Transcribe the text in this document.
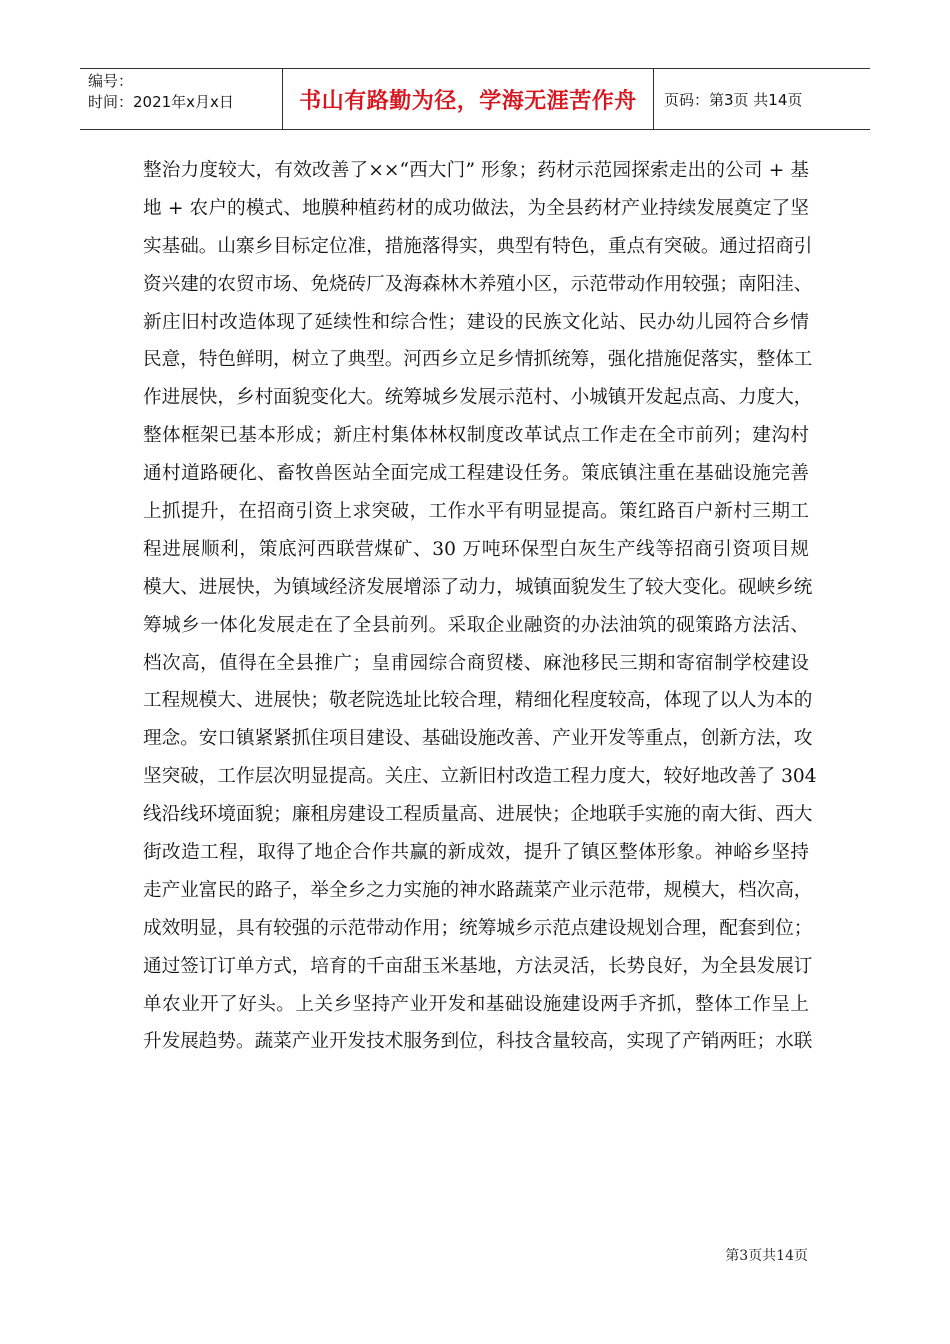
编号：
时间：2021年x月x日	书山有路勤为径，学海无涯苦作舟	页码：第3页 共14页
整治力度较大，有效改善了××“西大门” 形象；药材示范园探索走出的公司 + 基
地 + 农户的模式、地膜种植药材的成功做法，为全县药材产业持续发展奠定了坚
实基础。山寨乡目标定位准，措施落得实，典型有特色，重点有突破。通过招商引
资兴建的农贸市场、免烧砖厂及海森林木养殖小区，示范带动作用较强；南阳洼、
新庄旧村改造体现了延续性和综合性；建设的民族文化站、民办幼儿园符合乡情
民意，特色鲜明，树立了典型。河西乡立足乡情抓统筹，强化措施促落实，整体工
作进展快，乡村面貌变化大。统筹城乡发展示范村、小城镇开发起点高、力度大，
整体框架已基本形成；新庄村集体林权制度改革试点工作走在全市前列；建沟村
通村道路硬化、畜牧兽医站全面完成工程建设任务。策底镇注重在基础设施完善
上抓提升，在招商引资上求突破，工作水平有明显提高。策红路百户新村三期工
程进展顺利，策底河西联营煤矿、30 万吨环保型白灰生产线等招商引资项目规
模大、进展快，为镇域经济发展增添了动力，城镇面貌发生了较大变化。砚峡乡统
筹城乡一体化发展走在了全县前列。采取企业融资的办法油筑的砚策路方法活、
档次高，值得在全县推广；皇甫园综合商贸楼、麻池移民三期和寄宿制学校建设
工程规模大、进展快；敬老院选址比较合理，精细化程度较高，体现了以人为本的
理念。安口镇紧紧抓住项目建设、基础设施改善、产业开发等重点，创新方法，攻
坚突破，工作层次明显提高。关庄、立新旧村改造工程力度大，较好地改善了 304
线沿线环境面貌；廉租房建设工程质量高、进展快；企地联手实施的南大街、西大
街改造工程，取得了地企合作共赢的新成效，提升了镇区整体形象。神峪乡坚持
走产业富民的路子，举全乡之力实施的神水路蔬菜产业示范带，规模大，档次高，
成效明显，具有较强的示范带动作用；统筹城乡示范点建设规划合理，配套到位；
通过签订订单方式，培育的千亩甜玉米基地，方法灵活，长势良好，为全县发展订
单农业开了好头。上关乡坚持产业开发和基础设施建设两手齐抓，整体工作呈上
升发展趋势。蔬菜产业开发技术服务到位，科技含量较高，实现了产销两旺；水联
第3页共14页
